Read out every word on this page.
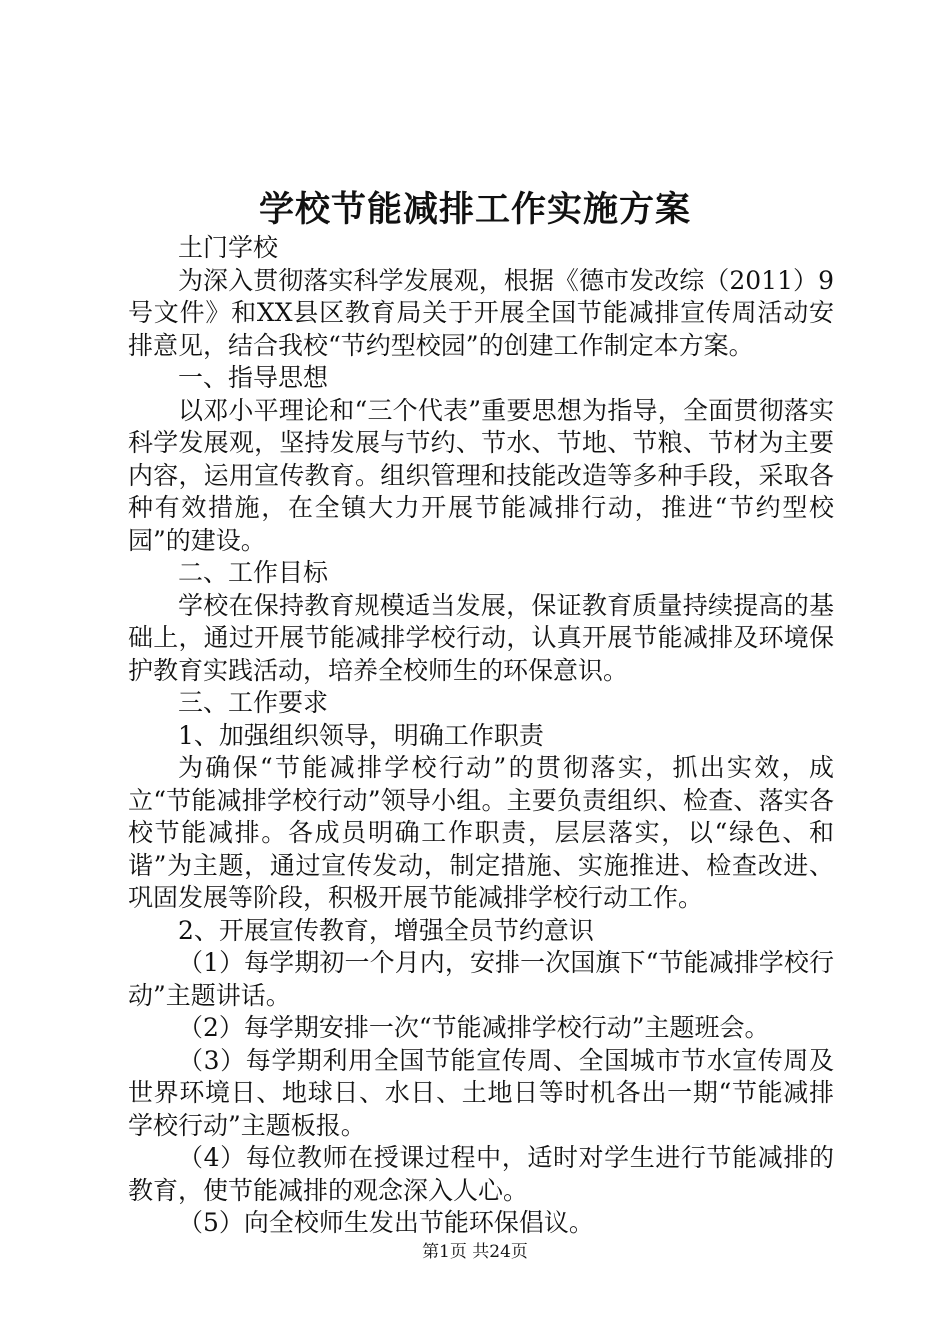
学校节能减排工作实施方案

土门学校

为深入贯彻落实科学发展观，根据《德市发改综（2011）9号文件》和XX县区教育局关于开展全国节能减排宣传周活动安排意见，结合我校“节约型校园”的创建工作制定本方案。

一、指导思想

以邓小平理论和“三个代表”重要思想为指导，全面贯彻落实科学发展观，坚持发展与节约、节水、节地、节粮、节材为主要内容，运用宣传教育。组织管理和技能改造等多种手段，采取各种有效措施，在全镇大力开展节能减排行动，推进“节约型校园”的建设。

二、工作目标

学校在保持教育规模适当发展，保证教育质量持续提高的基础上，通过开展节能减排学校行动，认真开展节能减排及环境保护教育实践活动，培养全校师生的环保意识。

三、工作要求

1、加强组织领导，明确工作职责

为确保“节能减排学校行动”的贯彻落实，抓出实效，成立“节能减排学校行动”领导小组。主要负责组织、检查、落实各校节能减排。各成员明确工作职责，层层落实，以“绿色、和谐”为主题，通过宣传发动，制定措施、实施推进、检查改进、巩固发展等阶段，积极开展节能减排学校行动工作。

2、开展宣传教育，增强全员节约意识

（1）每学期初一个月内，安排一次国旗下“节能减排学校行动”主题讲话。

（2）每学期安排一次“节能减排学校行动”主题班会。

（3）每学期利用全国节能宣传周、全国城市节水宣传周及世界环境日、地球日、水日、土地日等时机各出一期“节能减排学校行动”主题板报。

（4）每位教师在授课过程中，适时对学生进行节能减排的教育，使节能减排的观念深入人心。

（5）向全校师生发出节能环保倡议。

第1页 共24页
